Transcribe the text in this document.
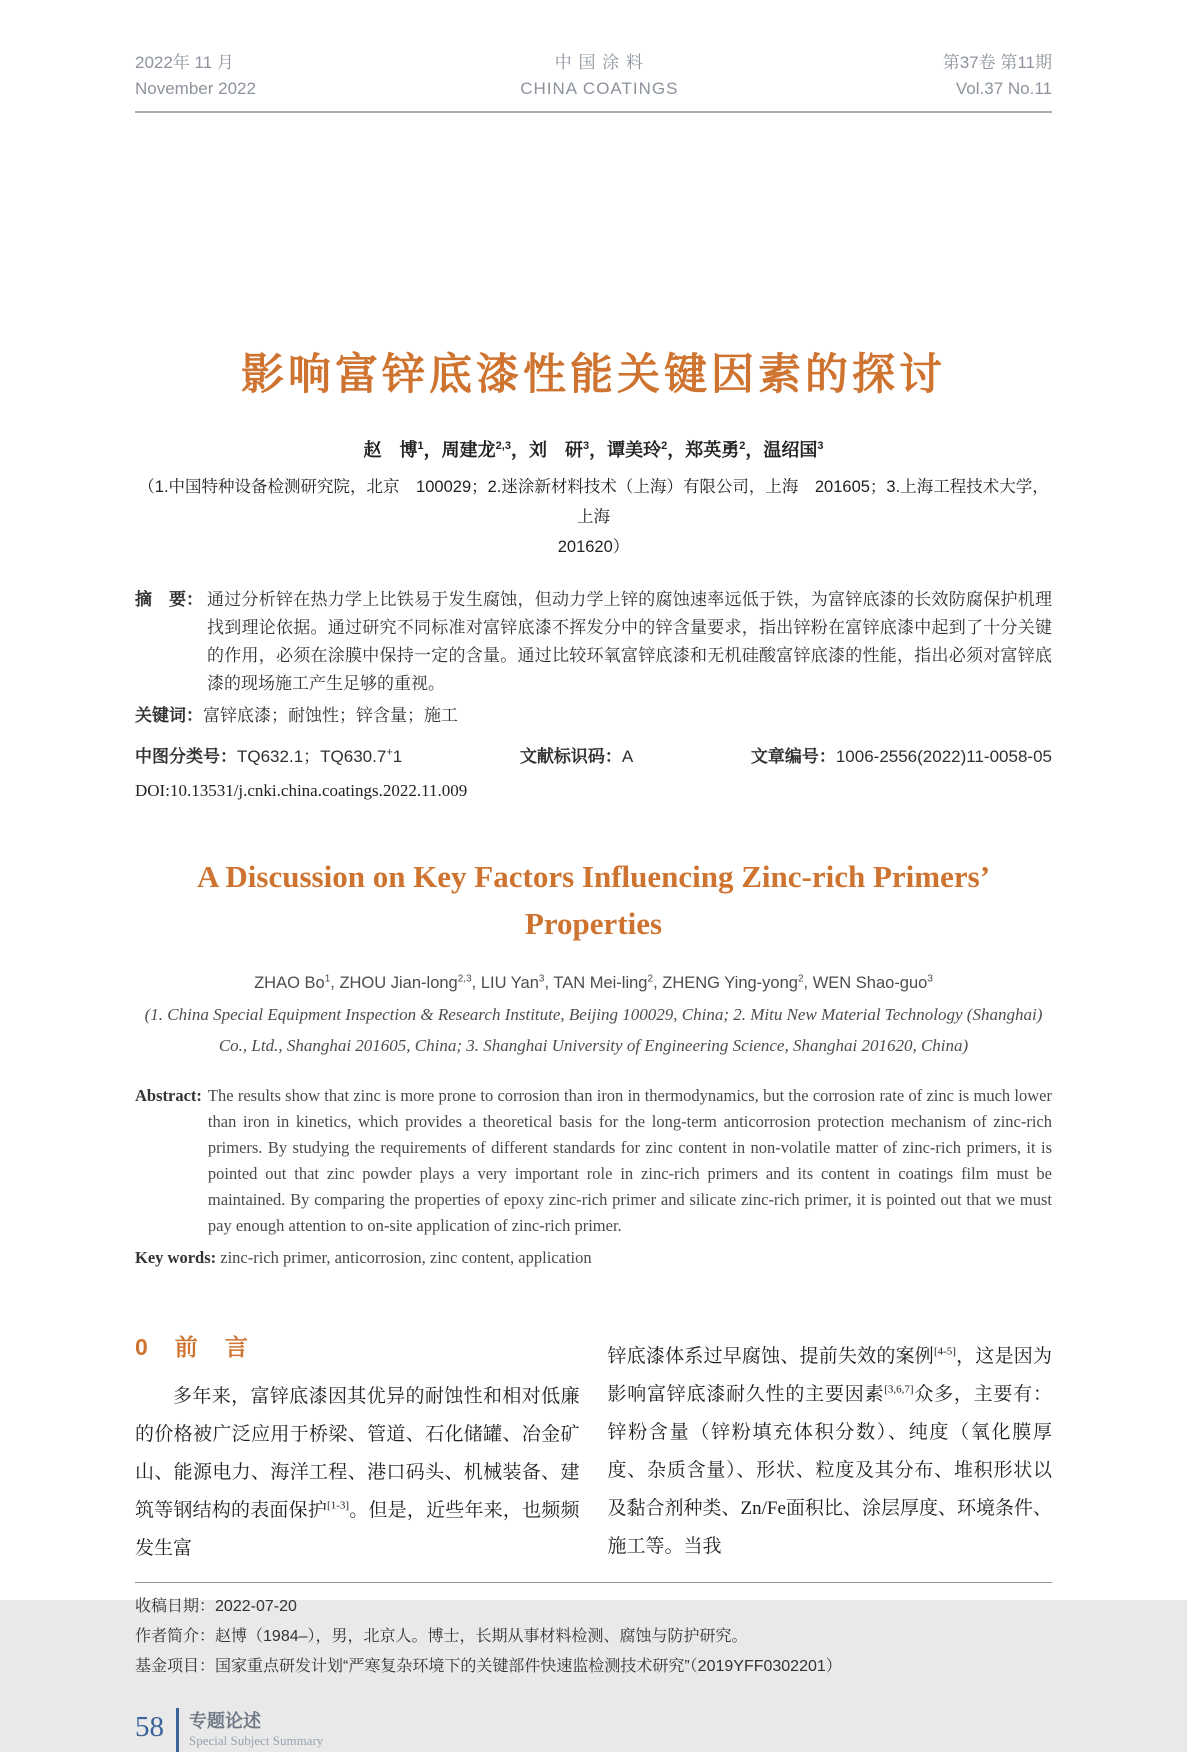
2022年 11 月
November 2022
中 国 涂 料
CHINA COATINGS
第37卷 第11期
Vol.37 No.11
影响富锌底漆性能关键因素的探讨
赵　博$^1$，周建龙$^{2,3}$，刘　研$^3$，谭美玲$^2$，郑英勇$^2$，温绍国$^3$
（1.中国特种设备检测研究院，北京　100029；2.迷涂新材料技术（上海）有限公司，上海　201605；3.上海工程技术大学，上海
201620）
摘　要： 通过分析锌在热力学上比铁易于发生腐蚀，但动力学上锌的腐蚀速率远低于铁，为富锌底漆的长效防腐保护机理找到理论依据。通过研究不同标准对富锌底漆不挥发分中的锌含量要求，指出锌粉在富锌底漆中起到了十分关键的作用，必须在涂膜中保持一定的含量。通过比较环氧富锌底漆和无机硅酸富锌底漆的性能，指出必须对富锌底漆的现场施工产生足够的重视。
关键词：富锌底漆；耐蚀性；锌含量；施工
中图分类号：TQ632.1；TQ630.7+1	文献标识码：A	文章编号：1006-2556(2022)11-0058-05
DOI:10.13531/j.cnki.china.coatings.2022.11.009
A Discussion on Key Factors Influencing Zinc-rich Primers’
Properties
ZHAO Bo$^1$, ZHOU Jian-long$^{2,3}$, LIU Yan$^3$, TAN Mei-ling$^2$, ZHENG Ying-yong$^2$, WEN Shao-guo$^3$
(1. China Special Equipment Inspection & Research Institute, Beijing 100029, China; 2. Mitu New Material Technology (Shanghai)
Co., Ltd., Shanghai 201605, China; 3. Shanghai University of Engineering Science, Shanghai 201620, China)
Abstract: The results show that zinc is more prone to corrosion than iron in thermodynamics, but the corrosion rate of zinc is much lower than iron in kinetics, which provides a theoretical basis for the long-term anticorrosion protection mechanism of zinc-rich primers. By studying the requirements of different standards for zinc content in non-volatile matter of zinc-rich primers, it is pointed out that zinc powder plays a very important role in zinc-rich primers and its content in coatings film must be maintained. By comparing the properties of epoxy zinc-rich primer and silicate zinc-rich primer, it is pointed out that we must pay enough attention to on-site application of zinc-rich primer.
Key words: zinc-rich primer, anticorrosion, zinc content, application
0　前　言
多年来，富锌底漆因其优异的耐蚀性和相对低廉的价格被广泛应用于桥梁、管道、石化储罐、冶金矿山、能源电力、海洋工程、港口码头、机械装备、建筑等钢结构的表面保护[1-3]。但是，近些年来，也频频发生富
锌底漆体系过早腐蚀、提前失效的案例[4-5]，这是因为影响富锌底漆耐久性的主要因素[3,6,7]众多，主要有：锌粉含量（锌粉填充体积分数）、纯度（氧化膜厚度、杂质含量）、形状、粒度及其分布、堆积形状以及黏合剂种类、Zn/Fe面积比、涂层厚度、环境条件、施工等。当我
收稿日期：2022-07-20
作者简介：赵博（1984–），男，北京人。博士，长期从事材料检测、腐蚀与防护研究。
基金项目：国家重点研发计划“严寒复杂环境下的关键部件快速监检测技术研究”（2019YFF0302201）
58 专题论述
Special Subject Summary
